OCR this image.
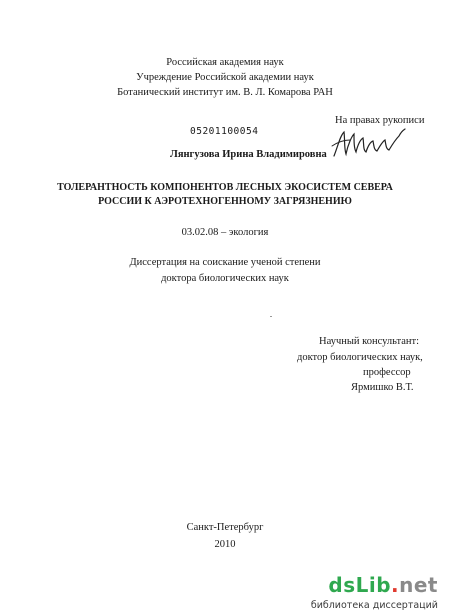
Российская академия наук
Учреждение Российской академии наук
Ботанический институт им. В. Л. Комарова РАН
На правах рукописи
05201100054
Лянгузова Ирина Владимировна
ТОЛЕРАНТНОСТЬ КОМПОНЕНТОВ ЛЕСНЫХ ЭКОСИСТЕМ СЕВЕРА
РОССИИ К АЭРОТЕХНОГЕННОМУ ЗАГРЯЗНЕНИЮ
03.02.08 – экология
Диссертация на соискание ученой степени
доктора биологических наук
Научный консультант:
доктор биологических наук,
профессор
Ярмишко В.Т.
Санкт-Петербург
2010
dsLib.net
библиотека диссертаций
